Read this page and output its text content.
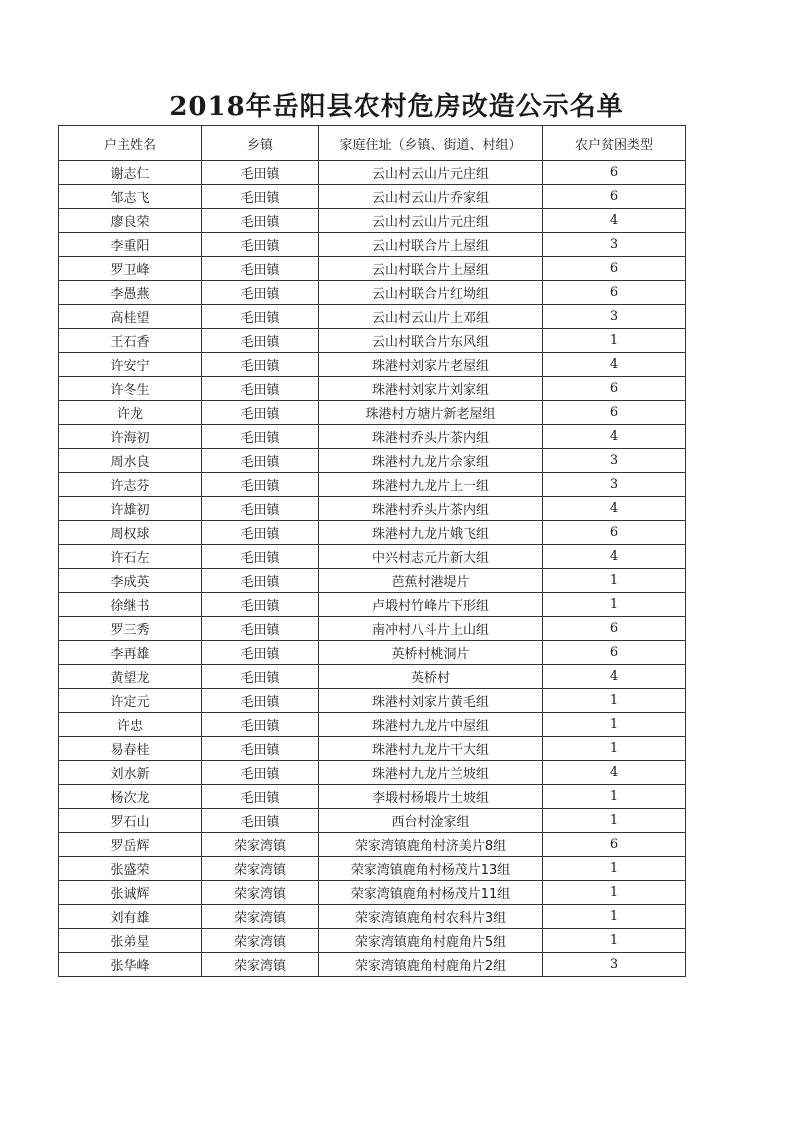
2018年岳阳县农村危房改造公示名单
户主姓名	乡镇	家庭住址（乡镇、街道、村组）	农户贫困类型
谢志仁	毛田镇	云山村云山片元庄组	6
邹志飞	毛田镇	云山村云山片乔家组	6
廖良荣	毛田镇	云山村云山片元庄组	4
李重阳	毛田镇	云山村联合片上屋组	3
罗卫峰	毛田镇	云山村联合片上屋组	6
李愚燕	毛田镇	云山村联合片红坳组	6
高桂望	毛田镇	云山村云山片上邓组	3
王石香	毛田镇	云山村联合片东风组	1
许安宁	毛田镇	珠港村刘家片老屋组	4
许冬生	毛田镇	珠港村刘家片刘家组	6
许龙	毛田镇	珠港村方塘片新老屋组	6
许海初	毛田镇	珠港村乔头片茶内组	4
周水良	毛田镇	珠港村九龙片佘家组	3
许志芬	毛田镇	珠港村九龙片上一组	3
许雄初	毛田镇	珠港村乔头片茶内组	4
周权球	毛田镇	珠港村九龙片娥飞组	6
许石左	毛田镇	中兴村志元片新大组	4
李成英	毛田镇	芭蕉村港堤片	1
徐继书	毛田镇	卢塅村竹峰片下形组	1
罗三秀	毛田镇	南冲村八斗片上山组	6
李再雄	毛田镇	英桥村桃洞片	6
黄望龙	毛田镇	英桥村	4
许定元	毛田镇	珠港村刘家片黄毛组	1
许忠	毛田镇	珠港村九龙片中屋组	1
易春桂	毛田镇	珠港村九龙片干大组	1
刘水新	毛田镇	珠港村九龙片兰坡组	4
杨次龙	毛田镇	李塅村杨塅片土坡组	1
罗石山	毛田镇	西台村淦家组	1
罗岳辉	荣家湾镇	荣家湾镇鹿角村济美片8组	6
张盛荣	荣家湾镇	荣家湾镇鹿角村杨茂片13组	1
张诚辉	荣家湾镇	荣家湾镇鹿角村杨茂片11组	1
刘有雄	荣家湾镇	荣家湾镇鹿角村农科片3组	1
张弟星	荣家湾镇	荣家湾镇鹿角村鹿角片5组	1
张华峰	荣家湾镇	荣家湾镇鹿角村鹿角片2组	3
